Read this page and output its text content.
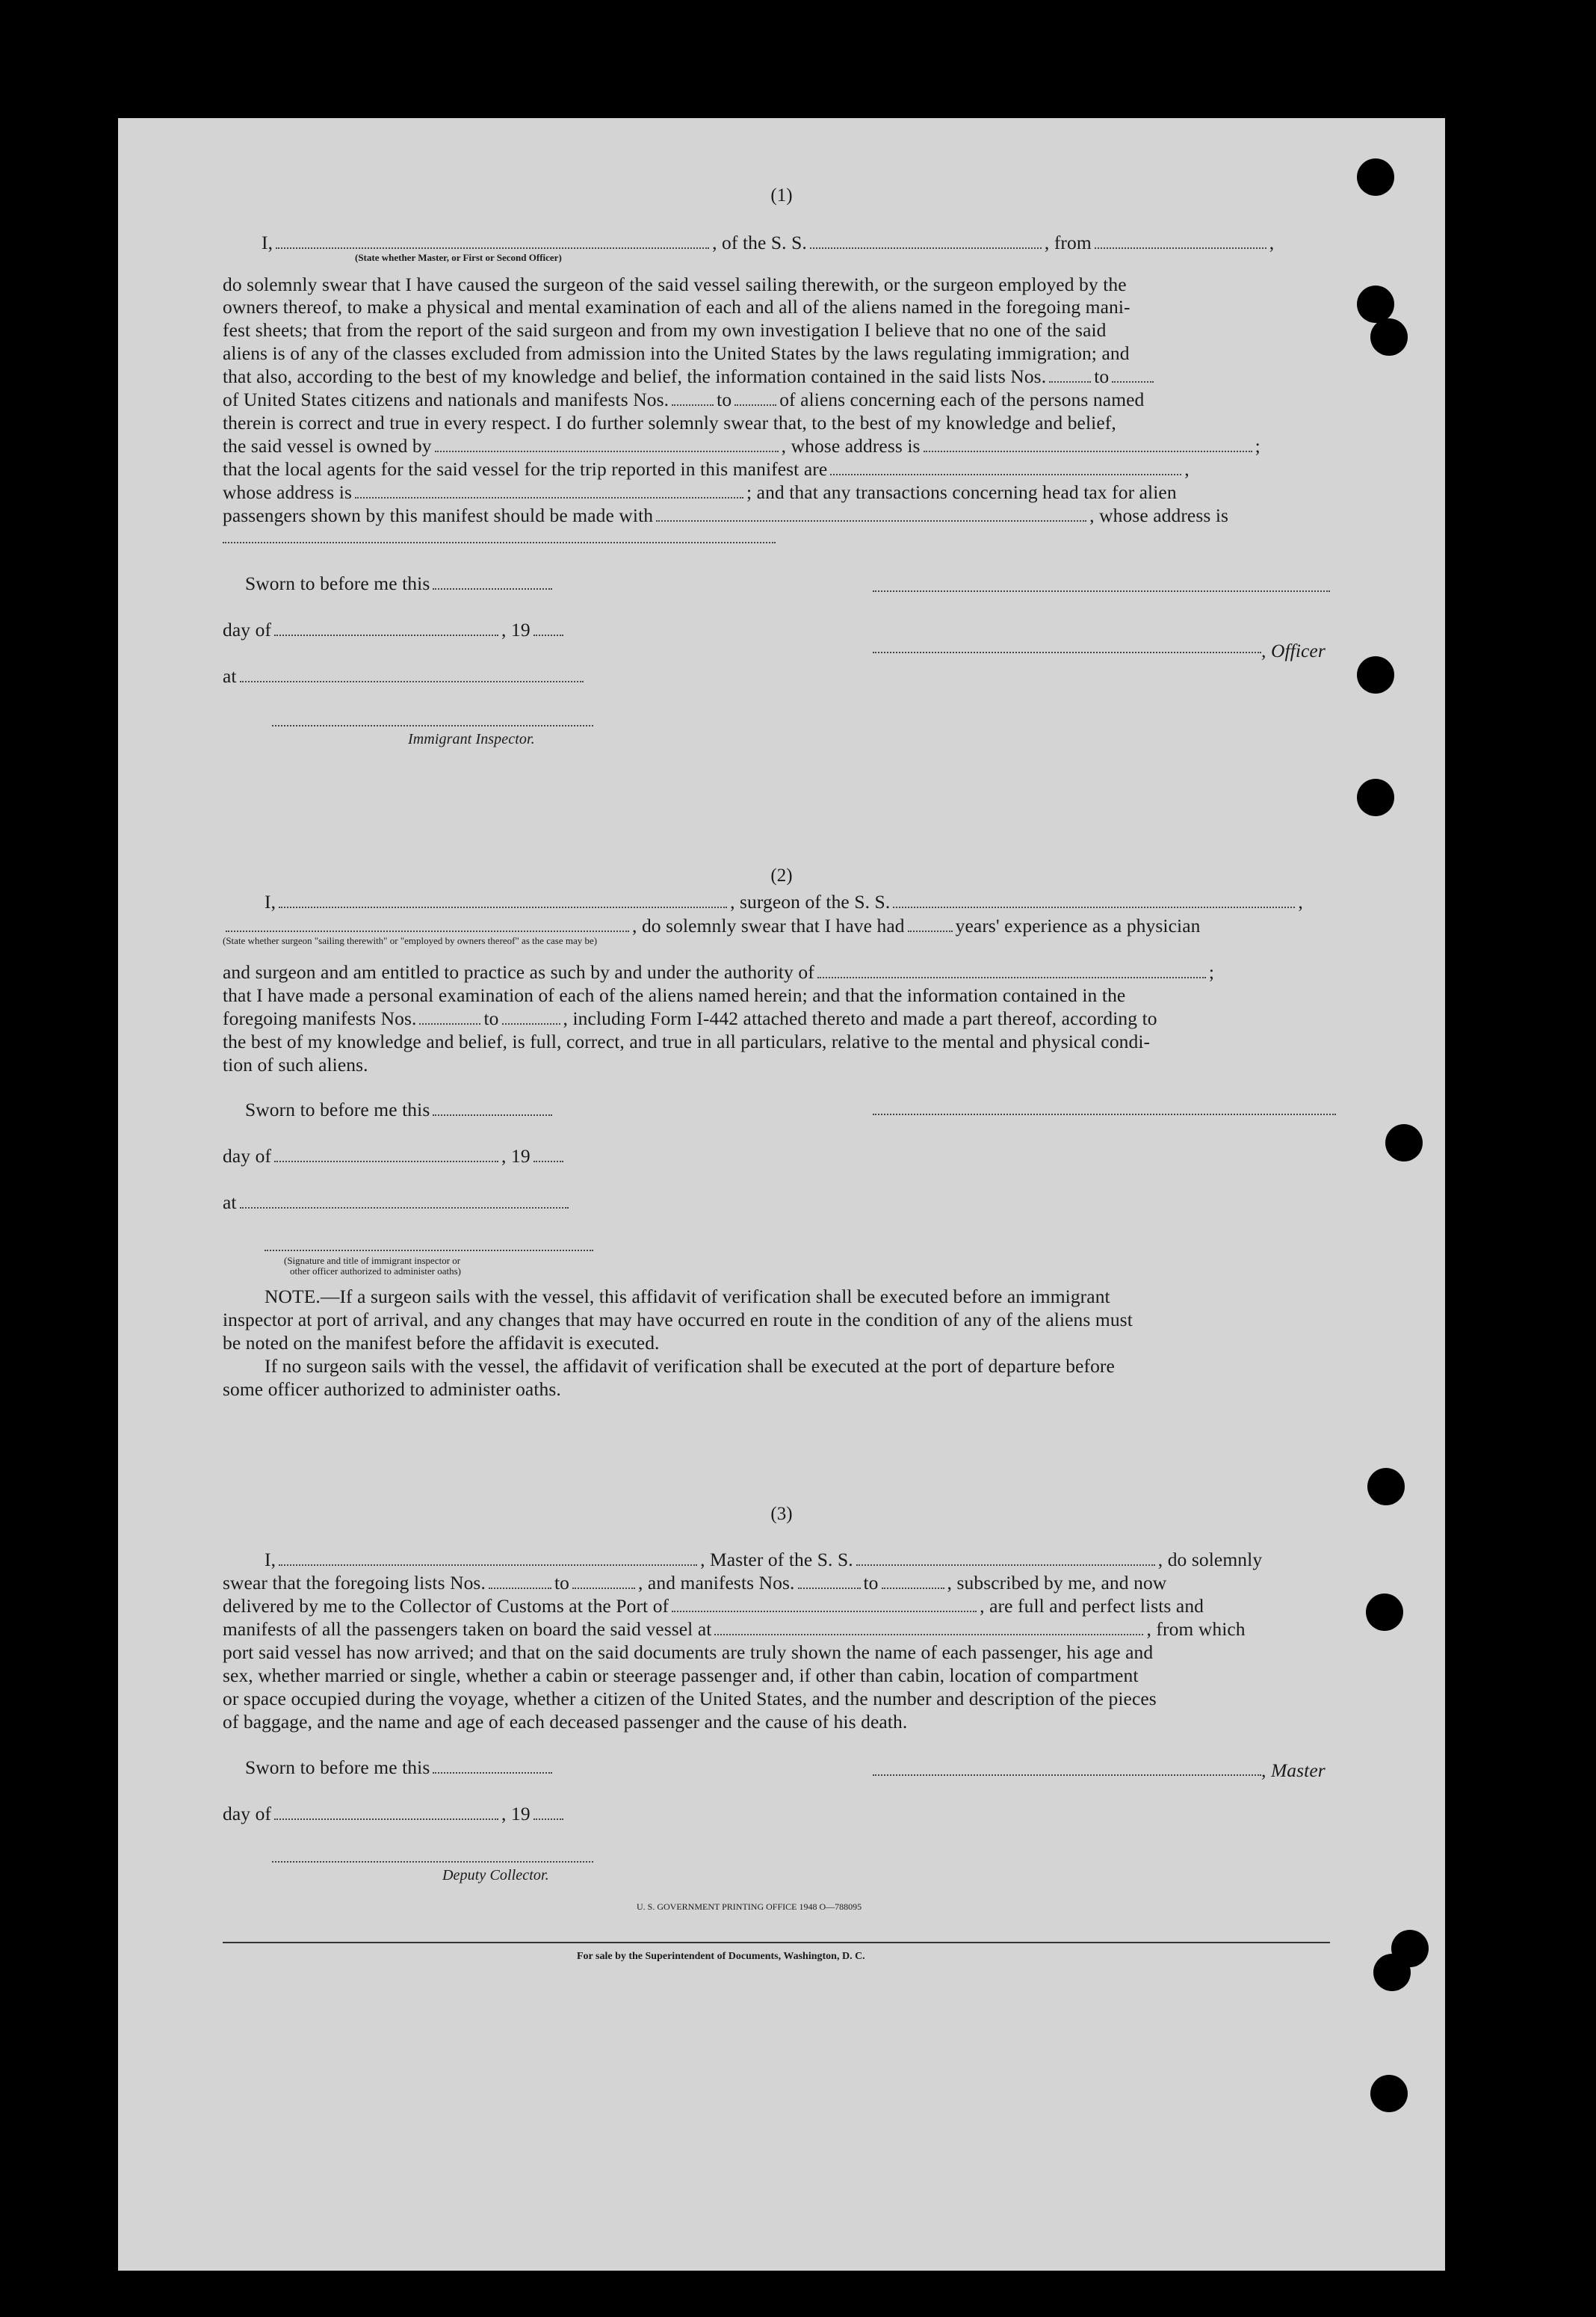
(1)
I,	, of the S. S.	, from	,
(State whether Master, or First or Second Officer)
do solemnly swear that I have caused the surgeon of the said vessel sailing therewith, or the surgeon employed by the
owners thereof, to make a physical and mental examination of each and all of the aliens named in the foregoing mani-
fest sheets; that from the report of the said surgeon and from my own investigation I believe that no one of the said
aliens is of any of the classes excluded from admission into the United States by the laws regulating immigration; and
that also, according to the best of my knowledge and belief, the information contained in the said lists Nos.	to
of United States citizens and nationals and manifests Nos.	to	of aliens concerning each of the persons named
therein is correct and true in every respect. I do further solemnly swear that, to the best of my knowledge and belief,
the said vessel is owned by	, whose address is	;
that the local agents for the said vessel for the trip reported in this manifest are	,
whose address is	; and that any transactions concerning head tax for alien
passengers shown by this manifest should be made with	, whose address is
Sworn to before me this
day of	, 19
, Officer
at
Immigrant Inspector.
(2)
I,	, surgeon of the S. S.	,
, do solemnly swear that I have had	years' experience as a physician
(State whether surgeon "sailing therewith" or "employed by owners thereof" as the case may be)
and surgeon and am entitled to practice as such by and under the authority of	;
that I have made a personal examination of each of the aliens named herein; and that the information contained in the
foregoing manifests Nos.	to	, including Form I-442 attached thereto and made a part thereof, according to
the best of my knowledge and belief, is full, correct, and true in all particulars, relative to the mental and physical condi-
tion of such aliens.
Sworn to before me this
day of	, 19
at
(Signature and title of immigrant inspector or
other officer authorized to administer oaths)
NOTE.—If a surgeon sails with the vessel, this affidavit of verification shall be executed before an immigrant
inspector at port of arrival, and any changes that may have occurred en route in the condition of any of the aliens must
be noted on the manifest before the affidavit is executed.
If no surgeon sails with the vessel, the affidavit of verification shall be executed at the port of departure before
some officer authorized to administer oaths.
(3)
I,	, Master of the S. S.	, do solemnly
swear that the foregoing lists Nos.	to	, and manifests Nos.	to	, subscribed by me, and now
delivered by me to the Collector of Customs at the Port of	, are full and perfect lists and
manifests of all the passengers taken on board the said vessel at	, from which
port said vessel has now arrived; and that on the said documents are truly shown the name of each passenger, his age and
sex, whether married or single, whether a cabin or steerage passenger and, if other than cabin, location of compartment
or space occupied during the voyage, whether a citizen of the United States, and the number and description of the pieces
of baggage, and the name and age of each deceased passenger and the cause of his death.
Sworn to before me this	, Master
day of	, 19
Deputy Collector.
U. S. GOVERNMENT PRINTING OFFICE 1948 O—788095
For sale by the Superintendent of Documents, Washington, D. C.
